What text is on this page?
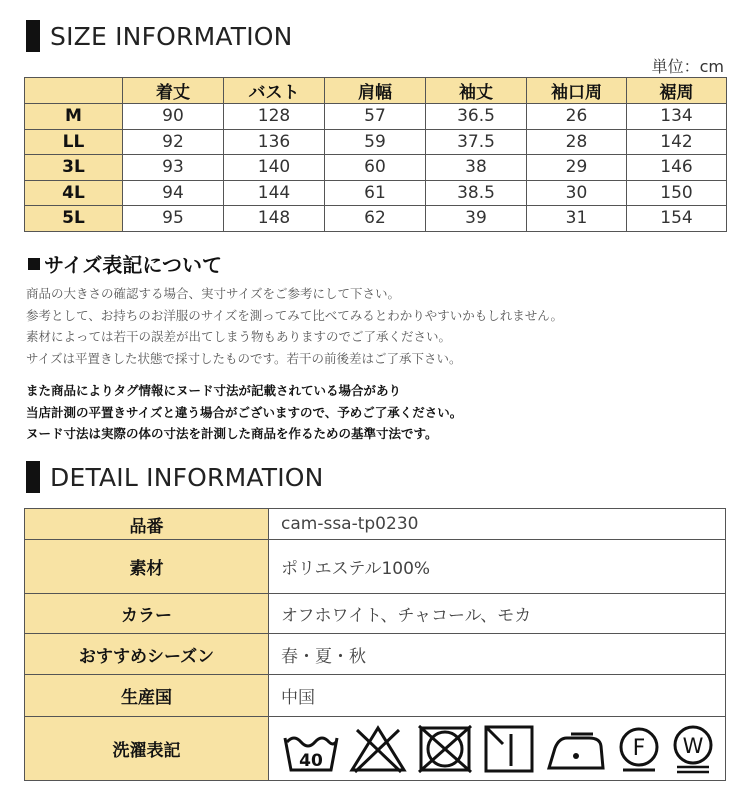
SIZE INFORMATION
単位：cm
	着丈	バスト	肩幅	袖丈	袖口周	裾周
M	90	128	57	36.5	26	134
LL	92	136	59	37.5	28	142
3L	93	140	60	38	29	146
4L	94	144	61	38.5	30	150
5L	95	148	62	39	31	154
サイズ表記について
商品の大きさの確認する場合、実寸サイズをご参考にして下さい。
参考として、お持ちのお洋服のサイズを測ってみて比べてみるとわかりやすいかもしれません。
素材によっては若干の誤差が出てしまう物もありますのでご了承ください。
サイズは平置きした状態で採寸したものです。若干の前後差はご了承下さい。
また商品によりタグ情報にヌード寸法が記載されている場合があり
当店計測の平置きサイズと違う場合がございますので、予めご了承ください。
ヌード寸法は実際の体の寸法を計測した商品を作るための基準寸法です。
DETAIL INFORMATION
品番	cam-ssa-tp0230
素材	ポリエステル100%
カラー	オフホワイト、チャコール、モカ
おすすめシーズン	春・夏・秋
生産国	中国
洗濯表記	40 F W
